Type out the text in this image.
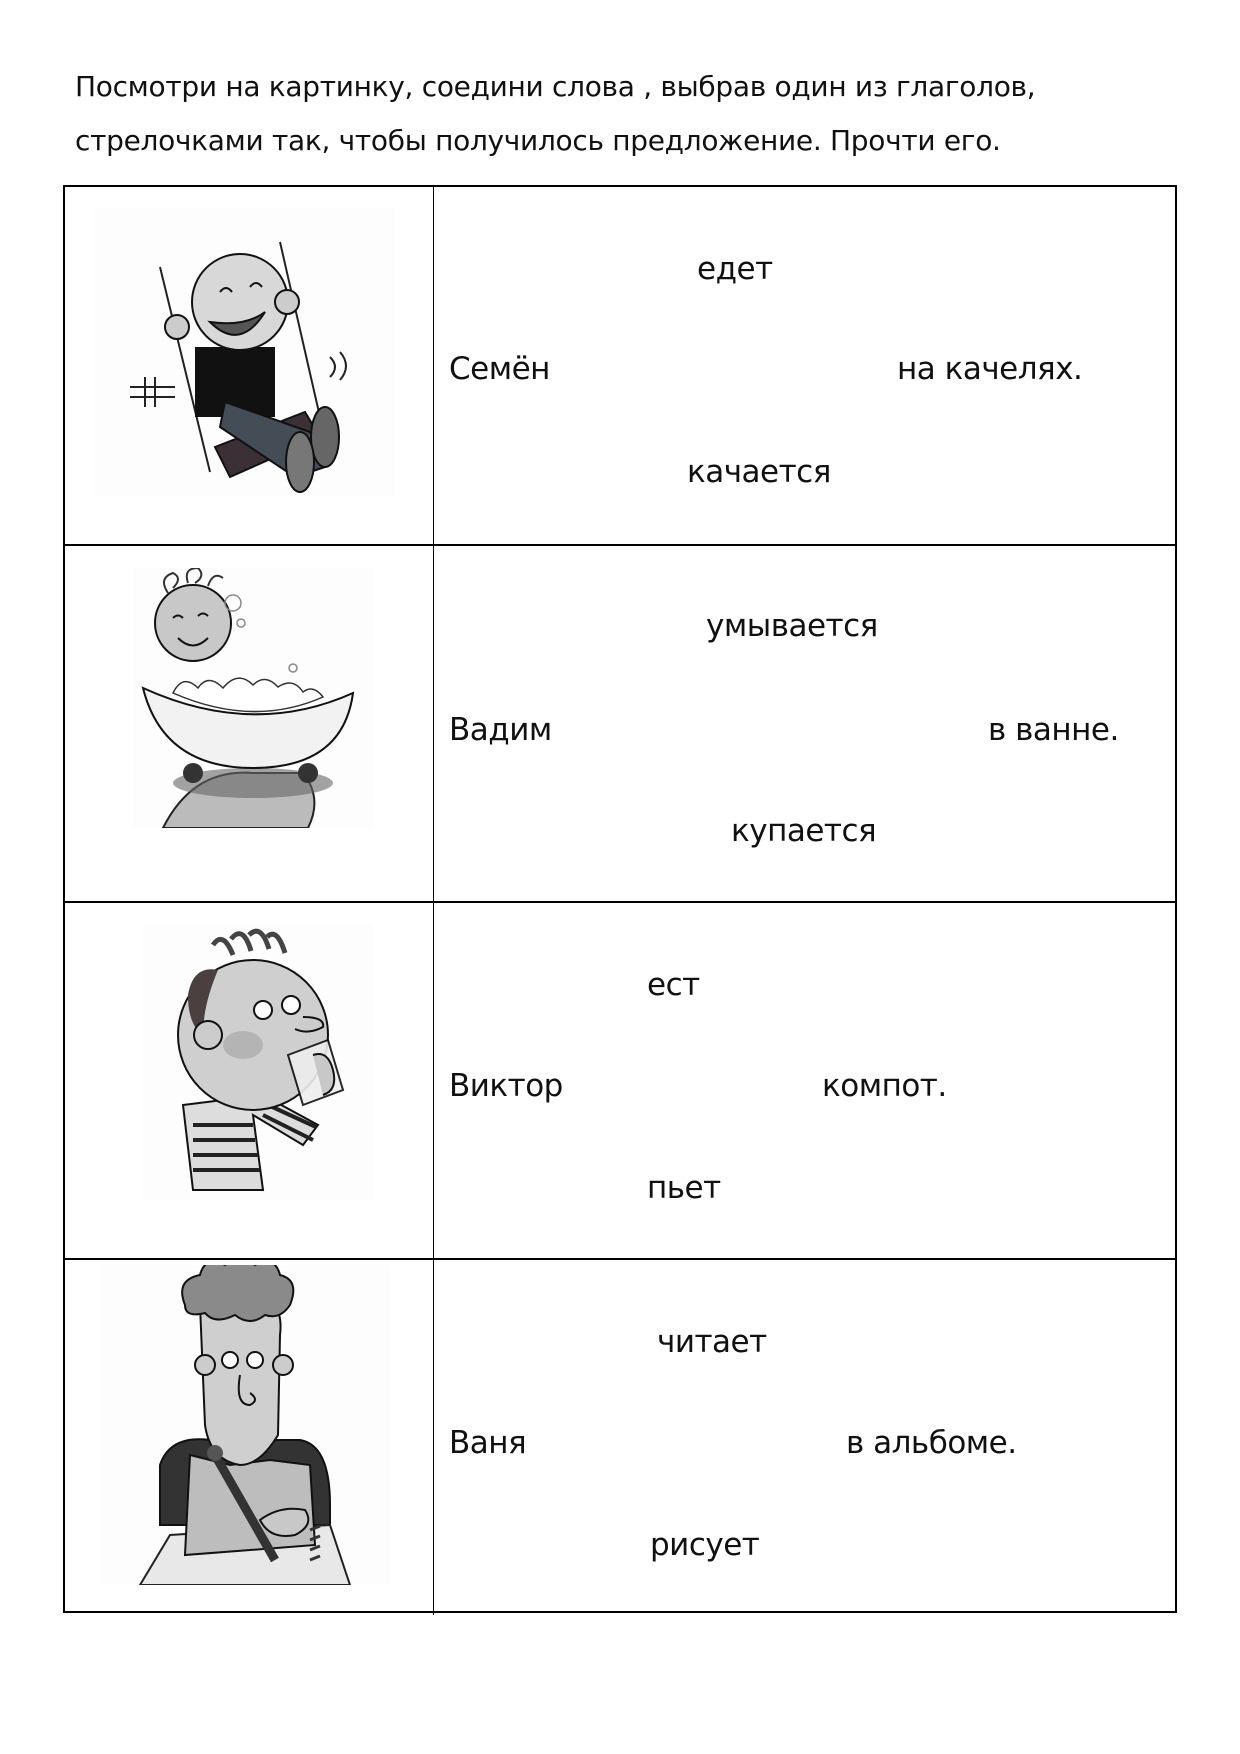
Посмотри на картинку, соедини слова , выбрав один из глаголов,
стрелочками так, чтобы получилось предложение. Прочти его.
едет
Семён	на качелях.
качается
умывается
Вадим	в ванне.
купается
ест
Виктор	компот.
пьет
читает
Ваня	в альбоме.
рисует
